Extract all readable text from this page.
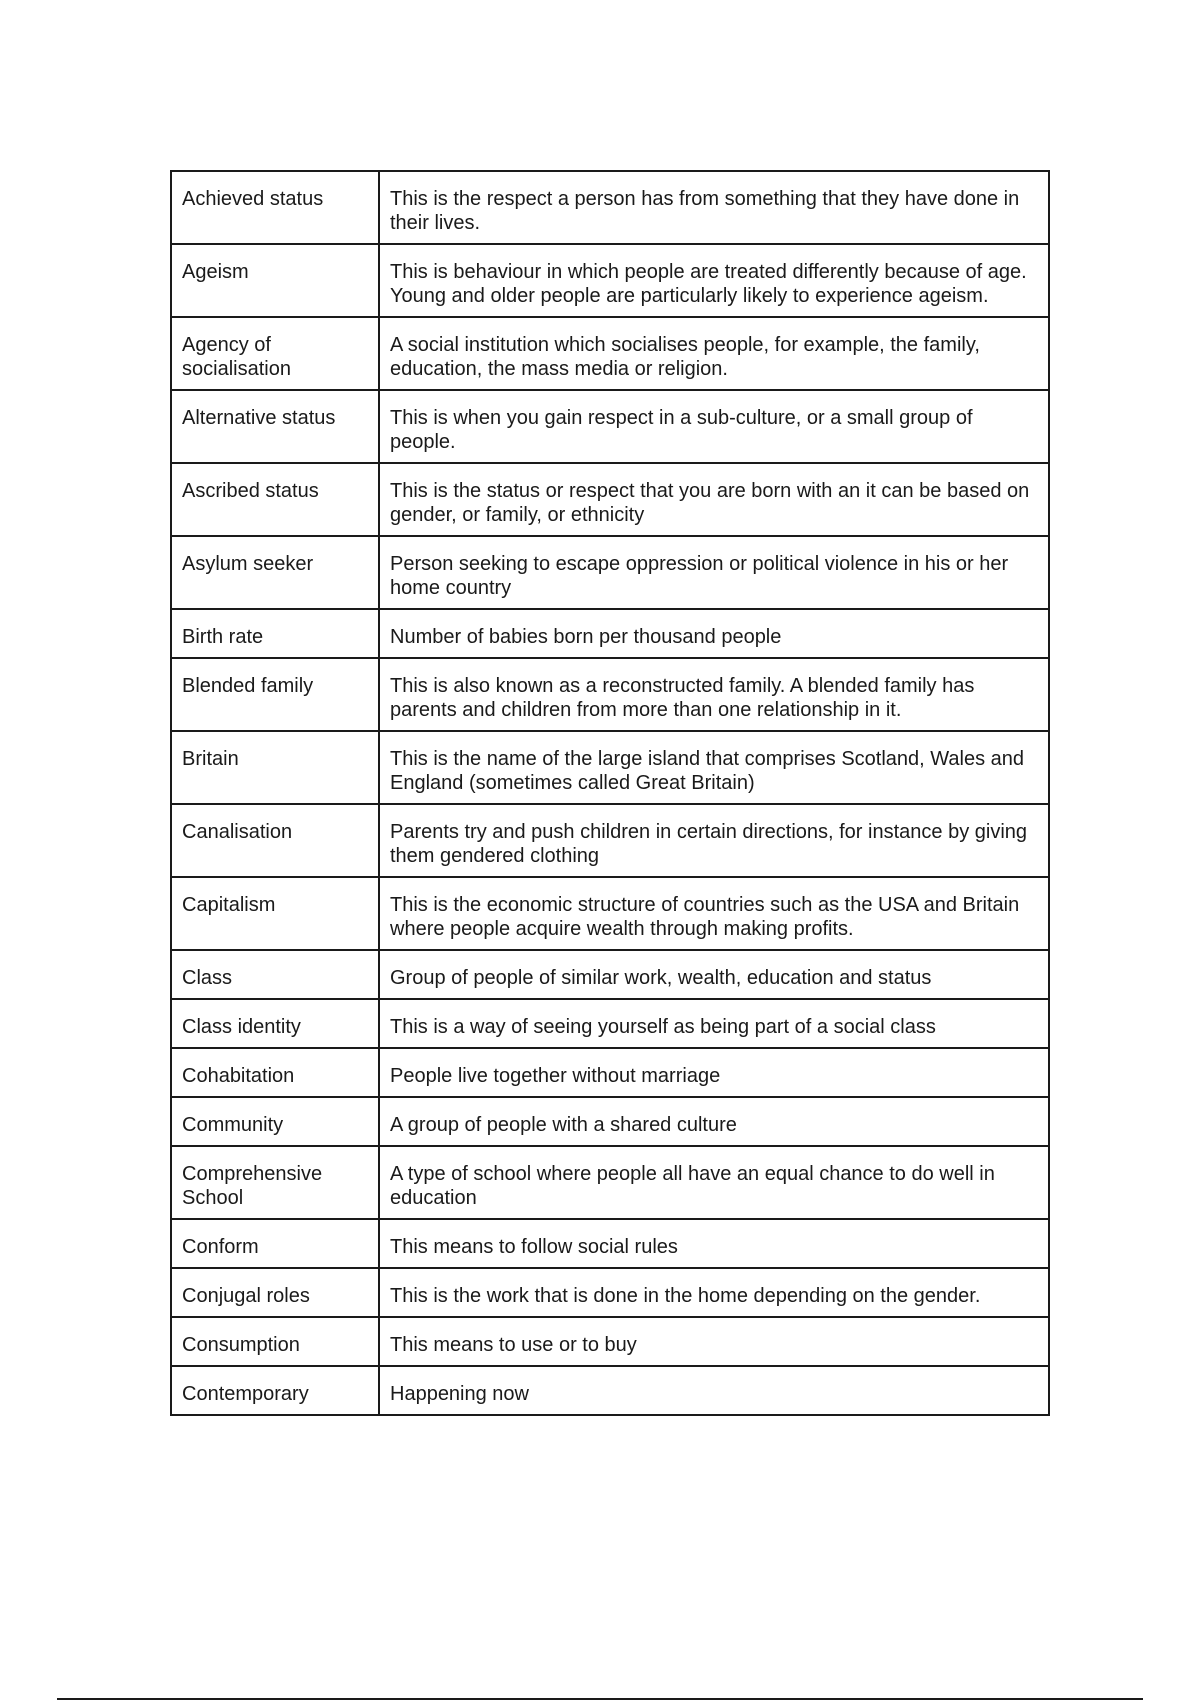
Achieved status	This is the respect a person has from something that they have done in their lives.
Ageism	This is behaviour in which people are treated differently because of age. Young and older people are particularly likely to experience ageism.
Agency of socialisation	A social institution which socialises people, for example, the family, education, the mass media or religion.
Alternative status	This is when you gain respect in a sub-culture, or a small group of people.
Ascribed status	This is the status or respect that you are born with an it can be based on gender, or family, or ethnicity
Asylum seeker	Person seeking to escape oppression or political violence in his or her home country
Birth rate	Number of babies born per thousand people
Blended family	This is also known as a reconstructed family. A blended family has parents and children from more than one relationship in it.
Britain	This is the name of the large island that comprises Scotland, Wales and England (sometimes called Great Britain)
Canalisation	Parents try and push children in certain directions, for instance by giving them gendered clothing
Capitalism	This is the economic structure of countries such as the USA and Britain where people acquire wealth through making profits.
Class	Group of people of similar work, wealth, education and status
Class identity	This is a way of seeing yourself as being part of a social class
Cohabitation	People live together without marriage
Community	A group of people with a shared culture
Comprehensive School	A type of school where people all have an equal chance to do well in education
Conform	This means to follow social rules
Conjugal roles	This is the work that is done in the home depending on the gender.
Consumption	This means to use or to buy
Contemporary	Happening now
